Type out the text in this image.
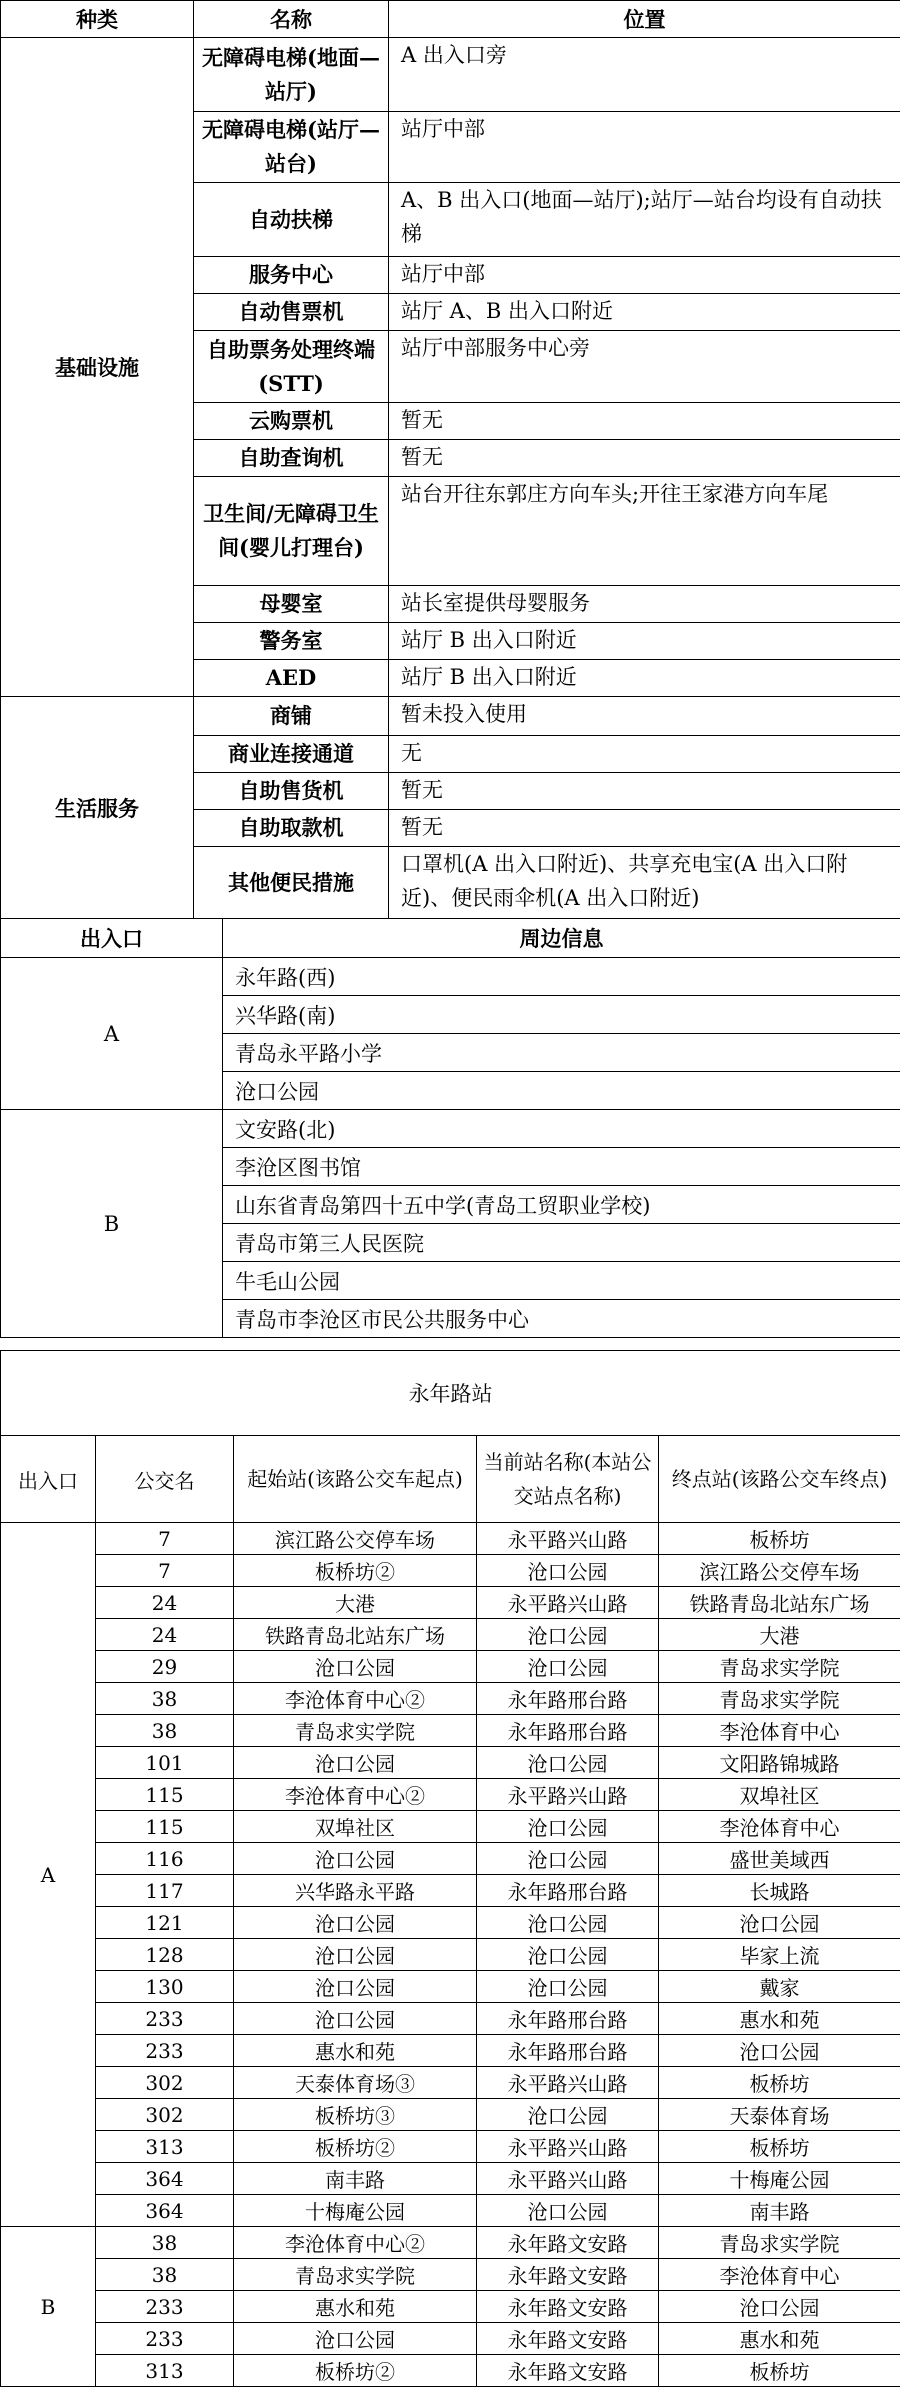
种类	名称	位置
基础设施	无障碍电梯(地面—站厅)	A 出入口旁
	无障碍电梯(站厅—站台)	站厅中部
	自动扶梯	A、B 出入口(地面—站厅);站厅—站台均设有自动扶梯
	服务中心	站厅中部
	自动售票机	站厅 A、B 出入口附近
	自助票务处理终端(STT)	站厅中部服务中心旁
	云购票机	暂无
	自助查询机	暂无
	卫生间/无障碍卫生间(婴儿打理台)	站台开往东郭庄方向车头;开往王家港方向车尾
	母婴室	站长室提供母婴服务
	警务室	站厅 B 出入口附近
	AED	站厅 B 出入口附近
生活服务	商铺	暂未投入使用
	商业连接通道	无
	自助售货机	暂无
	自助取款机	暂无
	其他便民措施	口罩机(A 出入口附近)、共享充电宝(A 出入口附近)、便民雨伞机(A 出入口附近)
出入口	周边信息
A	永年路(西)
	兴华路(南)
	青岛永平路小学
	沧口公园
B	文安路(北)
	李沧区图书馆
	山东省青岛第四十五中学(青岛工贸职业学校)
	青岛市第三人民医院
	牛毛山公园
	青岛市李沧区市民公共服务中心
永年路站				
出入口	公交名	起始站(该路公交车起点)	当前站名称(本站公交站点名称)	终点站(该路公交车终点)
A	7	滨江路公交停车场	永平路兴山路	板桥坊
	7	板桥坊②	沧口公园	滨江路公交停车场
	24	大港	永平路兴山路	铁路青岛北站东广场
	24	铁路青岛北站东广场	沧口公园	大港
	29	沧口公园	沧口公园	青岛求实学院
	38	李沧体育中心②	永年路邢台路	青岛求实学院
	38	青岛求实学院	永年路邢台路	李沧体育中心
	101	沧口公园	沧口公园	文阳路锦城路
	115	李沧体育中心②	永平路兴山路	双埠社区
	115	双埠社区	沧口公园	李沧体育中心
	116	沧口公园	沧口公园	盛世美域西
	117	兴华路永平路	永年路邢台路	长城路
	121	沧口公园	沧口公园	沧口公园
	128	沧口公园	沧口公园	毕家上流
	130	沧口公园	沧口公园	戴家
	233	沧口公园	永年路邢台路	惠水和苑
	233	惠水和苑	永年路邢台路	沧口公园
	302	天泰体育场③	永平路兴山路	板桥坊
	302	板桥坊③	沧口公园	天泰体育场
	313	板桥坊②	永平路兴山路	板桥坊
	364	南丰路	永平路兴山路	十梅庵公园
	364	十梅庵公园	沧口公园	南丰路
B	38	李沧体育中心②	永年路文安路	青岛求实学院
	38	青岛求实学院	永年路文安路	李沧体育中心
	233	惠水和苑	永年路文安路	沧口公园
	233	沧口公园	永年路文安路	惠水和苑
	313	板桥坊②	永年路文安路	板桥坊
